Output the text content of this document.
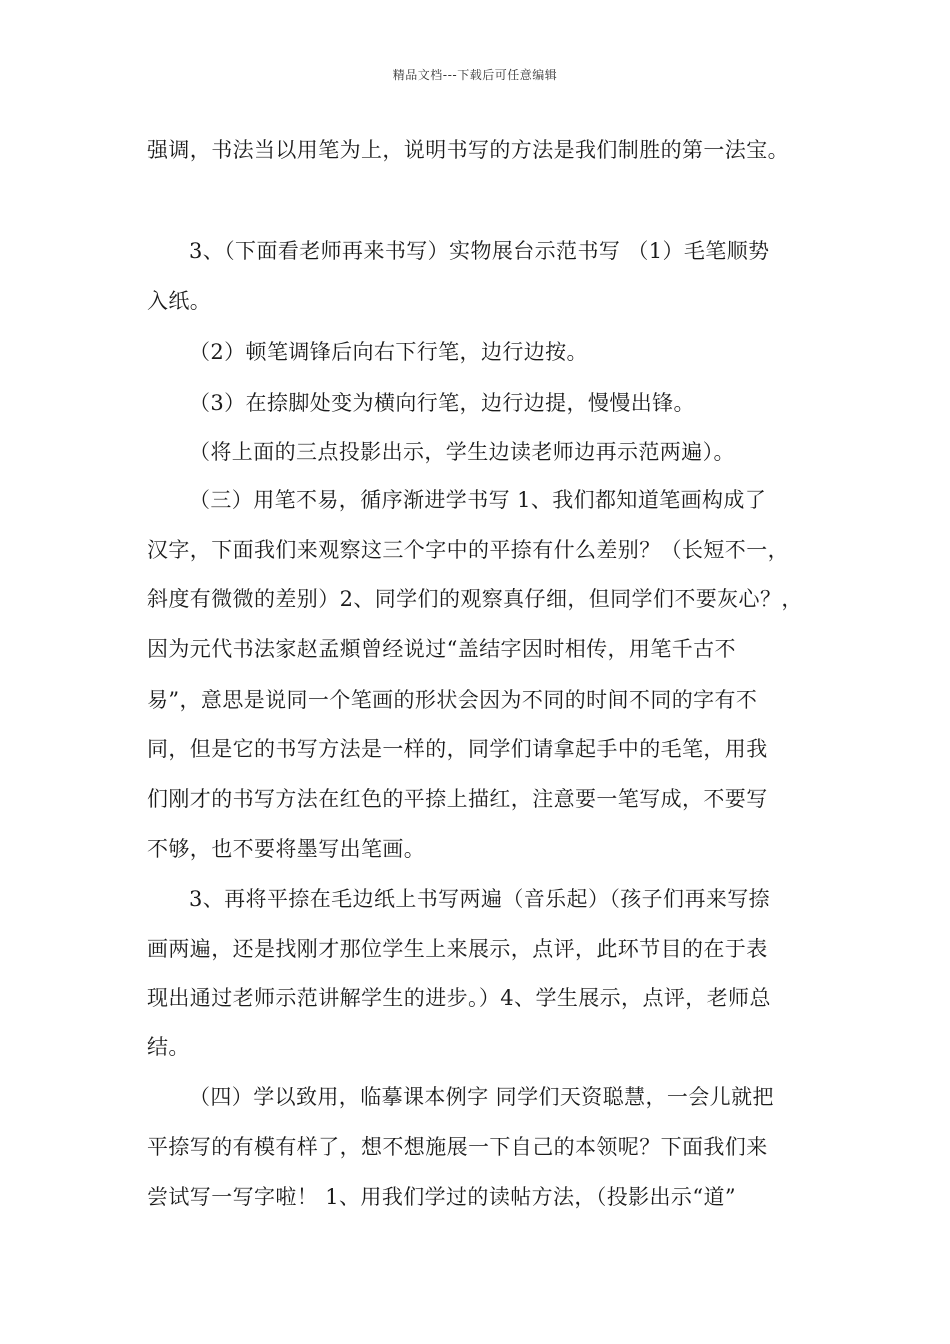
精品文档---下载后可任意编辑
强调，书法当以用笔为上，说明书写的方法是我们制胜的第一法宝。
3、（下面看老师再来书写）实物展台示范书写 （1）毛笔顺势
入纸。
（2）顿笔调锋后向右下行笔，边行边按。
（3）在捺脚处变为横向行笔，边行边提，慢慢出锋。
（将上面的三点投影出示，学生边读老师边再示范两遍）。
（三）用笔不易，循序渐进学书写 1、我们都知道笔画构成了
汉字，下面我们来观察这三个字中的平捺有什么差别？（长短不一，
斜度有微微的差别）2、同学们的观察真仔细，但同学们不要灰心？，
因为元代书法家赵孟頫曾经说过“盖结字因时相传，用笔千古不
易”，意思是说同一个笔画的形状会因为不同的时间不同的字有不
同，但是它的书写方法是一样的，同学们请拿起手中的毛笔，用我
们刚才的书写方法在红色的平捺上描红，注意要一笔写成，不要写
不够，也不要将墨写出笔画。
3、再将平捺在毛边纸上书写两遍（音乐起）（孩子们再来写捺
画两遍，还是找刚才那位学生上来展示，点评，此环节目的在于表
现出通过老师示范讲解学生的进步。）4、学生展示，点评，老师总
结。
（四）学以致用，临摹课本例字 同学们天资聪慧，一会儿就把
平捺写的有模有样了，想不想施展一下自己的本领呢？下面我们来
尝试写一写字啦！ 1、用我们学过的读帖方法，（投影出示“道”
